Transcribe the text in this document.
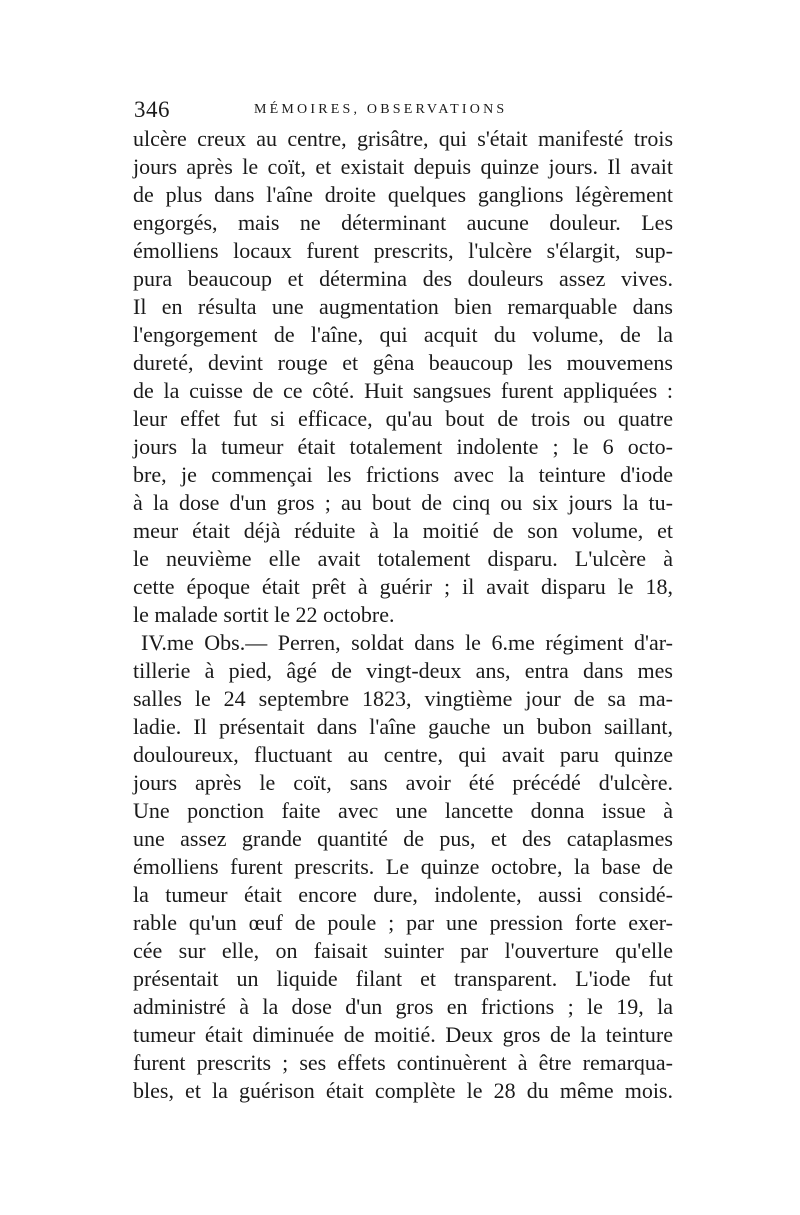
346	MÉMOIRES, OBSERVATIONS
ulcère creux au centre, grisâtre, qui s'était manifesté trois
jours après le coït, et existait depuis quinze jours. Il avait
de plus dans l'aîne droite quelques ganglions légèrement
engorgés, mais ne déterminant aucune douleur. Les
émolliens locaux furent prescrits, l'ulcère s'élargit, sup-
pura beaucoup et détermina des douleurs assez vives.
Il en résulta une augmentation bien remarquable dans
l'engorgement de l'aîne, qui acquit du volume, de la
dureté, devint rouge et gêna beaucoup les mouvemens
de la cuisse de ce côté. Huit sangsues furent appliquées :
leur effet fut si efficace, qu'au bout de trois ou quatre
jours la tumeur était totalement indolente ; le 6 octo-
bre, je commençai les frictions avec la teinture d'iode
à la dose d'un gros ; au bout de cinq ou six jours la tu-
meur était déjà réduite à la moitié de son volume, et
le neuvième elle avait totalement disparu. L'ulcère à
cette époque était prêt à guérir ; il avait disparu le 18,
le malade sortit le 22 octobre.
IV.me Obs.— Perren, soldat dans le 6.me régiment d'ar-
tillerie à pied, âgé de vingt-deux ans, entra dans mes
salles le 24 septembre 1823, vingtième jour de sa ma-
ladie. Il présentait dans l'aîne gauche un bubon saillant,
douloureux, fluctuant au centre, qui avait paru quinze
jours après le coït, sans avoir été précédé d'ulcère.
Une ponction faite avec une lancette donna issue à
une assez grande quantité de pus, et des cataplasmes
émolliens furent prescrits. Le quinze octobre, la base de
la tumeur était encore dure, indolente, aussi considé-
rable qu'un œuf de poule ; par une pression forte exer-
cée sur elle, on faisait suinter par l'ouverture qu'elle
présentait un liquide filant et transparent. L'iode fut
administré à la dose d'un gros en frictions ; le 19, la
tumeur était diminuée de moitié. Deux gros de la teinture
furent prescrits ; ses effets continuèrent à être remarqua-
bles, et la guérison était complète le 28 du même mois.
